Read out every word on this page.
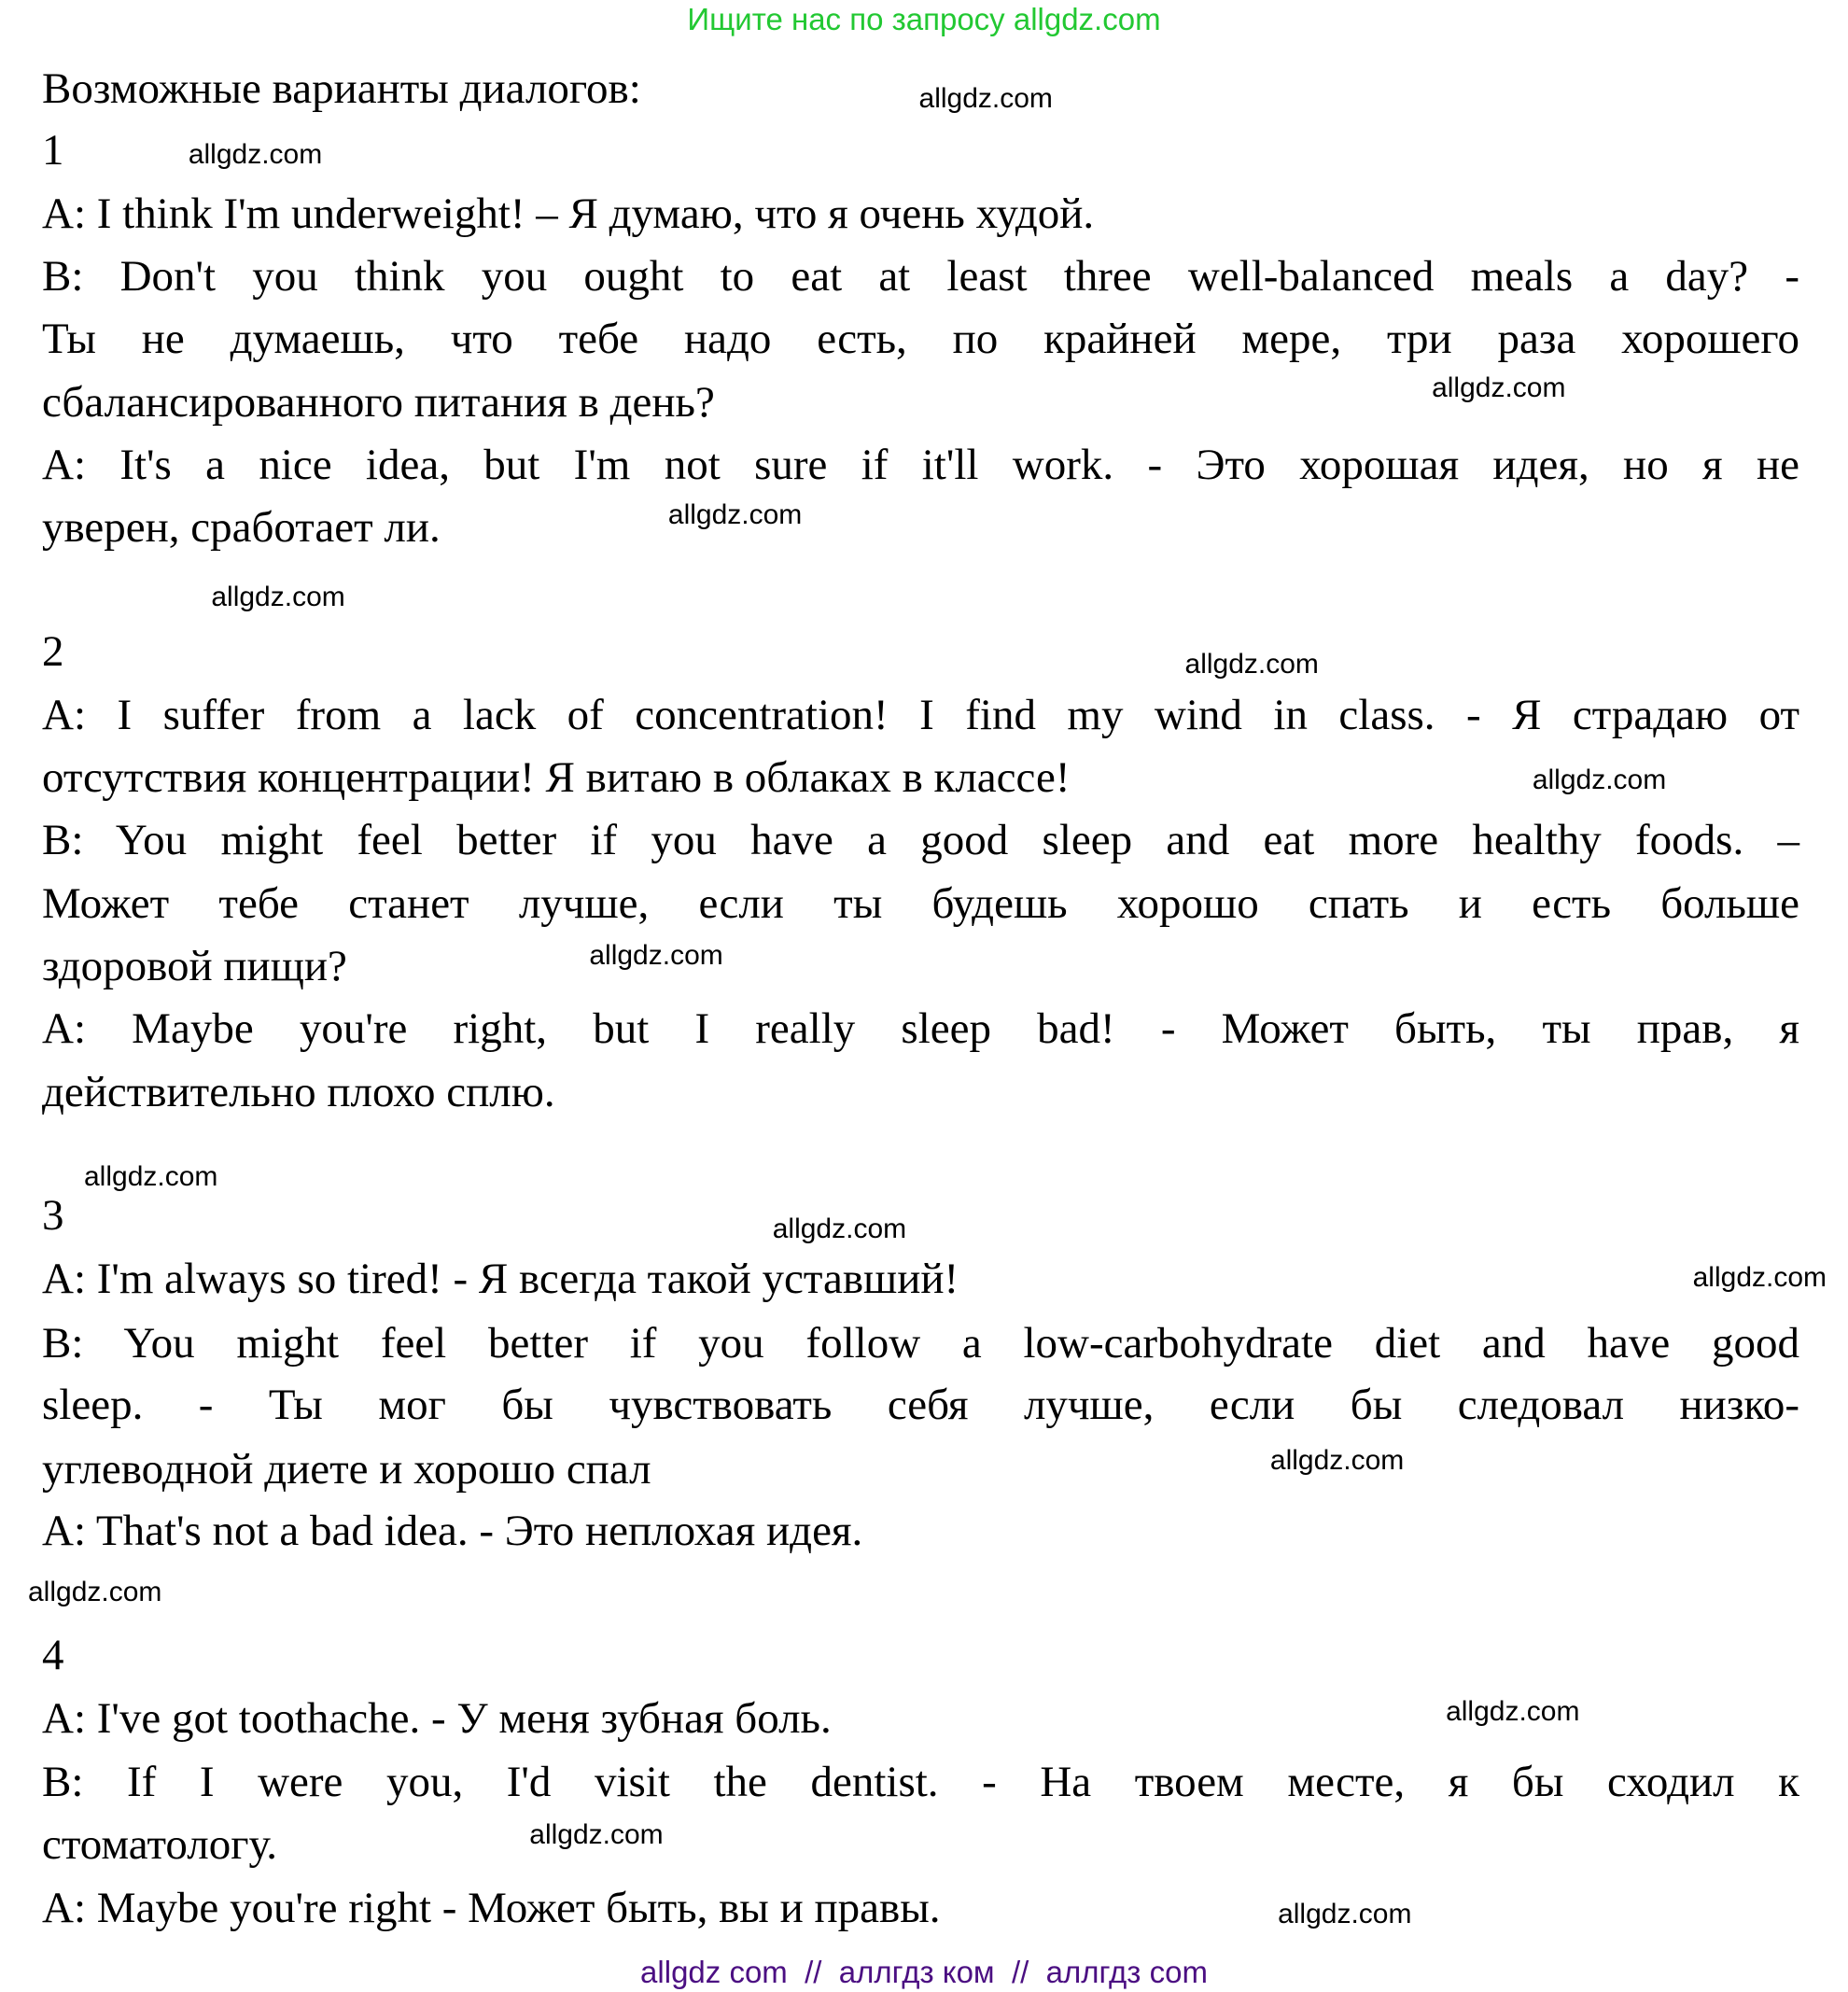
Ищите нас по запросу allgdz.com
Возможные варианты диалогов:
1
A: I think I'm underweight! – Я думаю, что я очень худой.
B: Don't you think you ought to eat at least three well-balanced meals a day? -
Ты не думаешь, что тебе надо есть, по крайней мере, три раза хорошего
сбалансированного питания в день?
A: It's a nice idea, but I'm not sure if it'll work. - Это хорошая идея, но я не
уверен, сработает ли.
2
A: I suffer from a lack of concentration! I find my wind in class. - Я страдаю от
отсутствия концентрации! Я витаю в облаках в классе!
B: You might feel better if you have a good sleep and eat more healthy foods. –
Может тебе станет лучше, если ты будешь хорошо спать и есть больше
здоровой пищи?
A: Maybe you're right, but I really sleep bad! - Может быть, ты прав, я
действительно плохо сплю.
3
A: I'm always so tired! - Я всегда такой уставший!
B: You might feel better if you follow a low-carbohydrate diet and have good
sleep. - Ты мог бы чувствовать себя лучше, если бы следовал низко-
углеводной диете и хорошо спал
A: That's not a bad idea. - Это неплохая идея.
4
A: I've got toothache. - У меня зубная боль.
B: If I were you, I'd visit the dentist. - На твоем месте, я бы сходил к
стоматологу.
A: Maybe you're right - Может быть, вы и правы.
allgdz.com
allgdz.com
allgdz.com
allgdz.com
allgdz.com
allgdz.com
allgdz.com
allgdz.com
allgdz.com
allgdz.com
allgdz.com
allgdz.com
allgdz.com
allgdz.com
allgdz.com
allgdz.com
allgdz com  //  аллгдз ком  //  аллгдз com
